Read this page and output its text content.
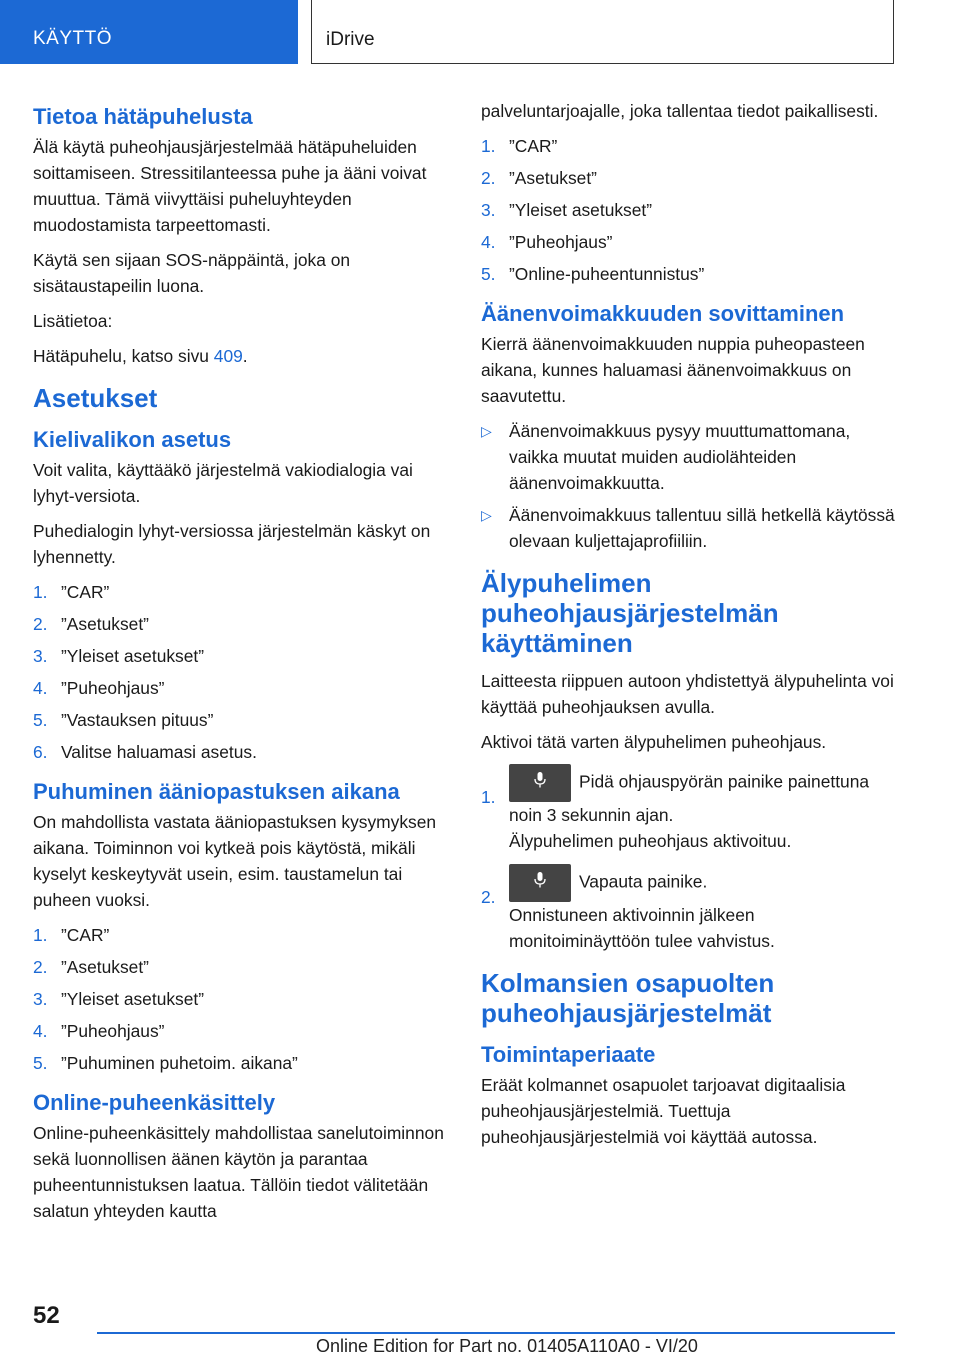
KÄYTTÖ	iDrive
Tietoa hätäpuhelusta

Älä käytä puheohjausjärjestelmää hätäpuheluiden soittamiseen. Stressitilanteessa puhe ja ääni voivat muuttua. Tämä viivyttäisi puheluyhteyden muodostamista tarpeettomasti.

Käytä sen sijaan SOS-näppäintä, joka on sisätaustapeilin luona.

Lisätietoa:

Hätäpuhelu, katso sivu 409.

Asetukset
Kielivalikon asetus

Voit valita, käyttääkö järjestelmä vakiodialogia vai lyhyt-versiota.

Puhedialogin lyhyt-versiossa järjestelmän käskyt on lyhennetty.

1. ”CAR”
2. ”Asetukset”
3. ”Yleiset asetukset”
4. ”Puheohjaus”
5. ”Vastauksen pituus”
6. Valitse haluamasi asetus.
Puhuminen ääniopastuksen aikana

On mahdollista vastata ääniopastuksen kysymyksen aikana. Toiminnon voi kytkeä pois käytöstä, mikäli kyselyt keskeytyvät usein, esim. taustamelun tai puheen vuoksi.

1. ”CAR”
2. ”Asetukset”
3. ”Yleiset asetukset”
4. ”Puheohjaus”
5. ”Puhuminen puhetoim. aikana”
Online-puheenkäsittely

Online-puheenkäsittely mahdollistaa sanelutoiminnon sekä luonnollisen äänen käytön ja parantaa puheentunnistuksen laatua. Tällöin tiedot välitetään salatun yhteyden kautta

palveluntarjoajalle, joka tallentaa tiedot paikallisesti.

1. ”CAR”
2. ”Asetukset”
3. ”Yleiset asetukset”
4. ”Puheohjaus”
5. ”Online-puheentunnistus”
Äänenvoimakkuuden sovittaminen

Kierrä äänenvoimakkuuden nuppia puheopasteen aikana, kunnes haluamasi äänenvoimakkuus on saavutettu.

▷ Äänenvoimakkuus pysyy muuttumattomana, vaikka muutat muiden audiolähteiden äänenvoimakkuutta.
▷ Äänenvoimakkuus tallentuu sillä hetkellä käytössä olevaan kuljettajaprofiiliin.
Älypuhelimen puheohjausjärjestelmän käyttäminen

Laitteesta riippuen autoon yhdistettyä älypuhelinta voi käyttää puheohjauksen avulla.

Aktivoi tätä varten älypuhelimen puheohjaus.

1.
Pidä ohjauspyörän painike painettuna noin 3 sekunnin ajan.

Älypuhelimen puheohjaus aktivoituu.

2.
Vapauta painike.

Onnistuneen aktivoinnin jälkeen monitoiminäyttöön tulee vahvistus.

Kolmansien osapuolten puheohjausjärjestelmät
Toimintaperiaate

Eräät kolmannet osapuolet tarjoavat digitaalisia puheohjausjärjestelmiä. Tuettuja puheohjausjärjestelmiä voi käyttää autossa.

52
Online Edition for Part no. 01405A110A0 - VI/20
